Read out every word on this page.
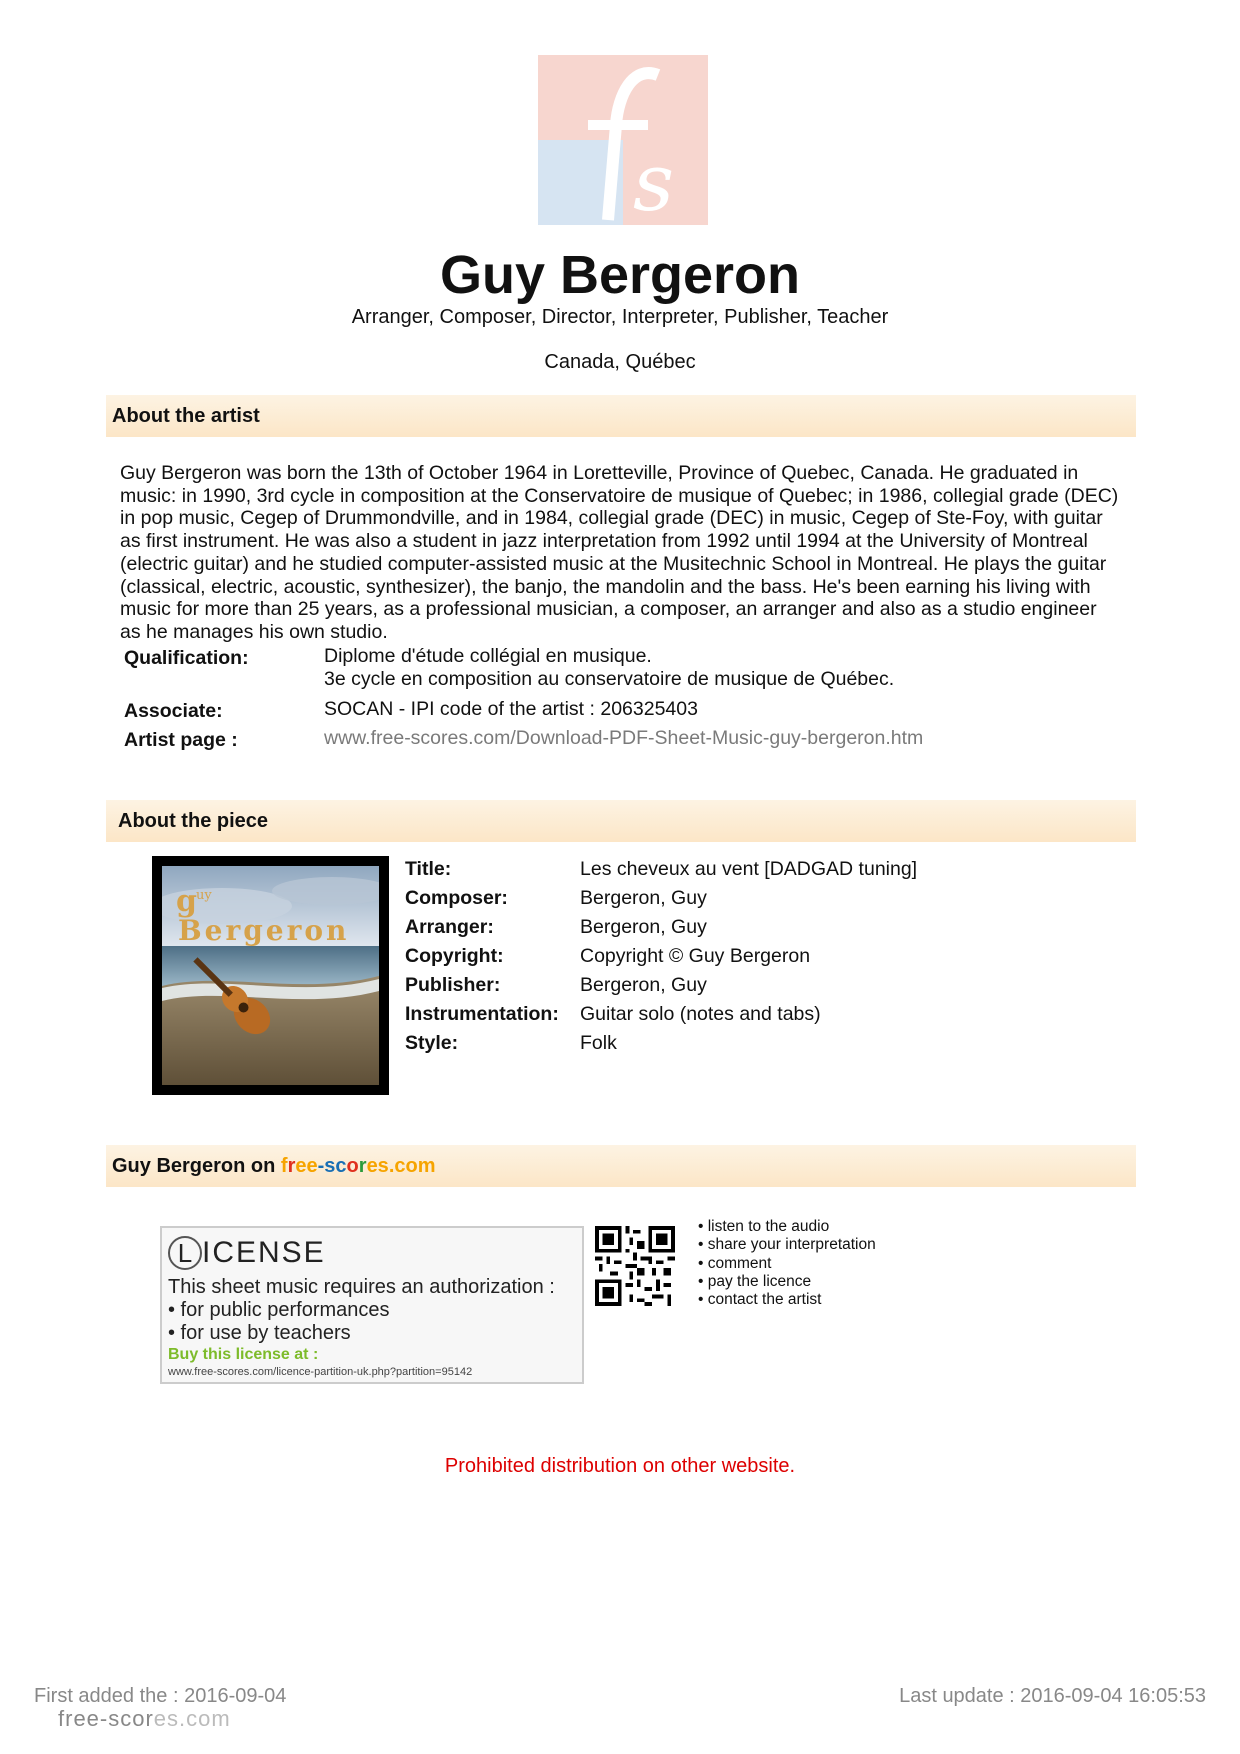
s
Guy Bergeron
Arranger, Composer, Director, Interpreter, Publisher, Teacher
Canada, Québec
About the artist
Guy Bergeron was born the 13th of October 1964 in Loretteville, Province of Quebec, Canada. He graduated in music: in 1990, 3rd cycle in composition at the Conservatoire de musique of Quebec; in 1986, collegial grade (DEC) in pop music, Cegep of Drummondville, and in 1984, collegial grade (DEC) in music, Cegep of Ste-Foy, with guitar as first instrument. He was also a student in jazz interpretation from 1992 until 1994 at the University of Montreal (electric guitar) and he studied computer-assisted music at the Musitechnic School in Montreal. He plays the guitar (classical, electric, acoustic, synthesizer), the banjo, the mandolin and the bass. He's been earning his living with music for more than 25 years, as a professional musician, a composer, an arranger and also as a studio engineer as he manages his own studio.
Qualification:	Diplome d'étude collégial en musique.
3e cycle en composition au conservatoire de musique de Québec.
Associate:	SOCAN - IPI code of the artist : 206325403
Artist page :	www.free-scores.com/Download-PDF-Sheet-Music-guy-bergeron.htm
About the piece
g uy
Bergeron
Title:	Les cheveux au vent [DADGAD tuning]
Composer:	Bergeron, Guy
Arranger:	Bergeron, Guy
Copyright:	Copyright © Guy Bergeron
Publisher:	Bergeron, Guy
Instrumentation: Guitar solo (notes and tabs)
Style:	Folk
Guy Bergeron on free-scores.com
L ICENSE
This sheet music requires an authorization :
• for public performances
• for use by teachers
Buy this license at :
www.free-scores.com/licence-partition-uk.php?partition=95142
• listen to the audio
• share your interpretation
• comment
• pay the licence
• contact the artist
Prohibited distribution on other website.
First added the : 2016-09-04	Last update : 2016-09-04 16:05:53
free-scores.com
